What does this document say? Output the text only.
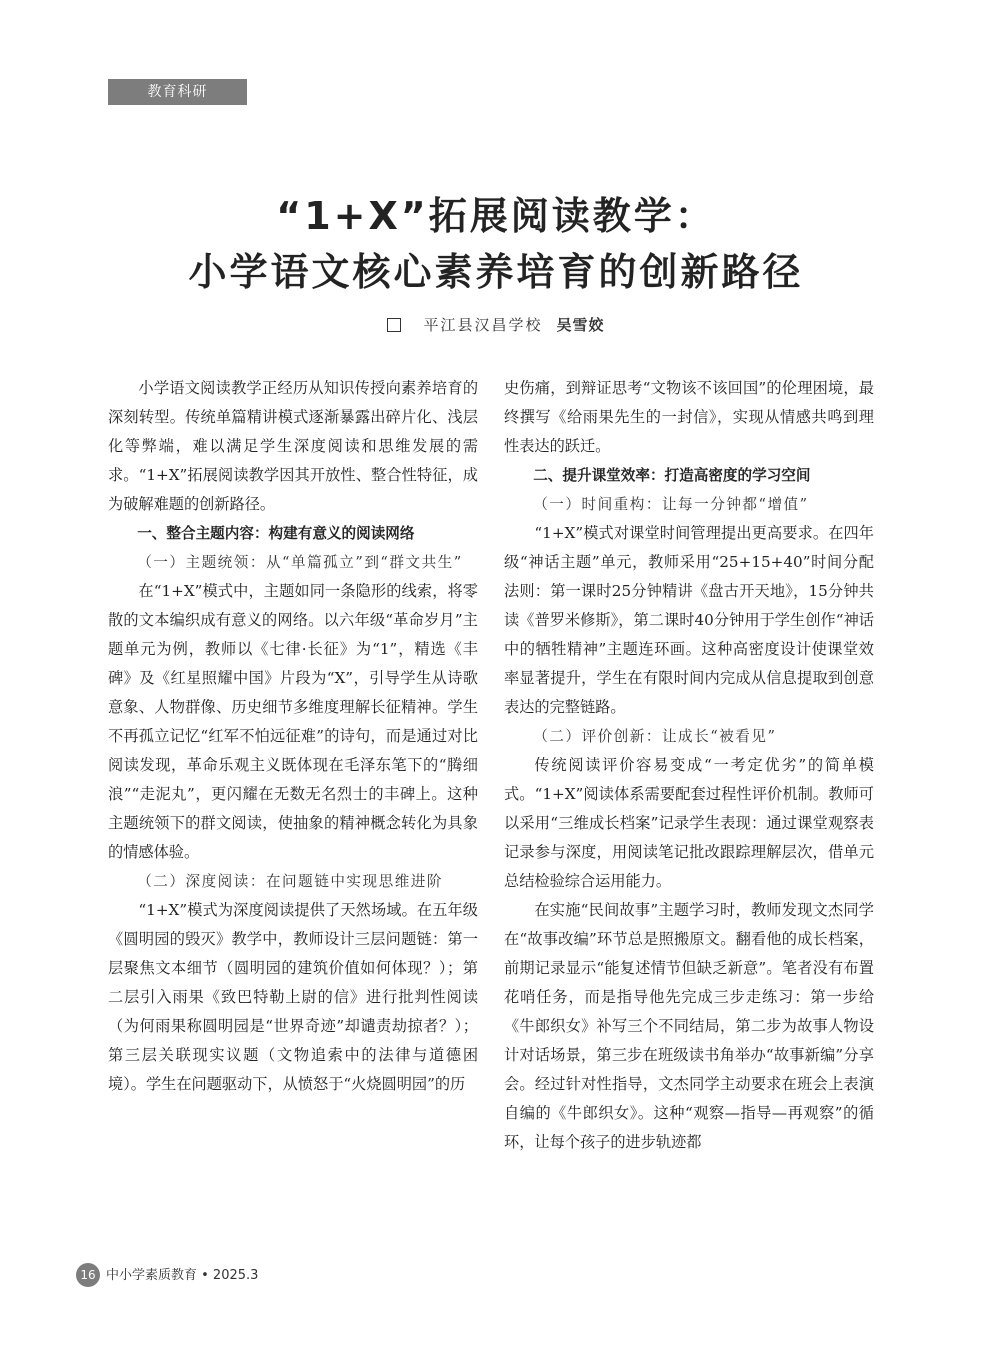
教育科研
“1+X”拓展阅读教学：
小学语文核心素养培育的创新路径
平江县汉昌学校 吴雪姣

小学语文阅读教学正经历从知识传授向素养培育的深刻转型。传统单篇精讲模式逐渐暴露出碎片化、浅层化等弊端，难以满足学生深度阅读和思维发展的需求。“1+X”拓展阅读教学因其开放性、整合性特征，成为破解难题的创新路径。

一、整合主题内容：构建有意义的阅读网络
（一）主题统领：从“单篇孤立”到“群文共生”

在“1+X”模式中，主题如同一条隐形的线索，将零散的文本编织成有意义的网络。以六年级“革命岁月”主题单元为例，教师以《七律·长征》为“1”，精选《丰碑》及《红星照耀中国》片段为“X”，引导学生从诗歌意象、人物群像、历史细节多维度理解长征精神。学生不再孤立记忆“红军不怕远征难”的诗句，而是通过对比阅读发现，革命乐观主义既体现在毛泽东笔下的“腾细浪”“走泥丸”，更闪耀在无数无名烈士的丰碑上。这种主题统领下的群文阅读，使抽象的精神概念转化为具象的情感体验。

（二）深度阅读：在问题链中实现思维进阶

“1+X”模式为深度阅读提供了天然场域。在五年级《圆明园的毁灭》教学中，教师设计三层问题链：第一层聚焦文本细节（圆明园的建筑价值如何体现？）；第二层引入雨果《致巴特勒上尉的信》进行批判性阅读（为何雨果称圆明园是“世界奇迹”却谴责劫掠者？）；第三层关联现实议题（文物追索中的法律与道德困境）。学生在问题驱动下，从愤怒于“火烧圆明园”的历

史伤痛，到辩证思考“文物该不该回国”的伦理困境，最终撰写《给雨果先生的一封信》，实现从情感共鸣到理性表达的跃迁。

二、提升课堂效率：打造高密度的学习空间
（一）时间重构：让每一分钟都“增值”

“1+X”模式对课堂时间管理提出更高要求。在四年级“神话主题”单元，教师采用“25+15+40”时间分配法则：第一课时25分钟精讲《盘古开天地》，15分钟共读《普罗米修斯》，第二课时40分钟用于学生创作“神话中的牺牲精神”主题连环画。这种高密度设计使课堂效率显著提升，学生在有限时间内完成从信息提取到创意表达的完整链路。

（二）评价创新：让成长“被看见”

传统阅读评价容易变成“一考定优劣”的简单模式。“1+X”阅读体系需要配套过程性评价机制。教师可以采用“三维成长档案”记录学生表现：通过课堂观察表记录参与深度，用阅读笔记批改跟踪理解层次，借单元总结检验综合运用能力。

在实施“民间故事”主题学习时，教师发现文杰同学在“故事改编”环节总是照搬原文。翻看他的成长档案，前期记录显示“能复述情节但缺乏新意”。笔者没有布置花哨任务，而是指导他先完成三步走练习：第一步给《牛郎织女》补写三个不同结局，第二步为故事人物设计对话场景，第三步在班级读书角举办“故事新编”分享会。经过针对性指导，文杰同学主动要求在班会上表演自编的《牛郎织女》。这种“观察—指导—再观察”的循环，让每个孩子的进步轨迹都

16 中小学素质教育 • 2025.3
